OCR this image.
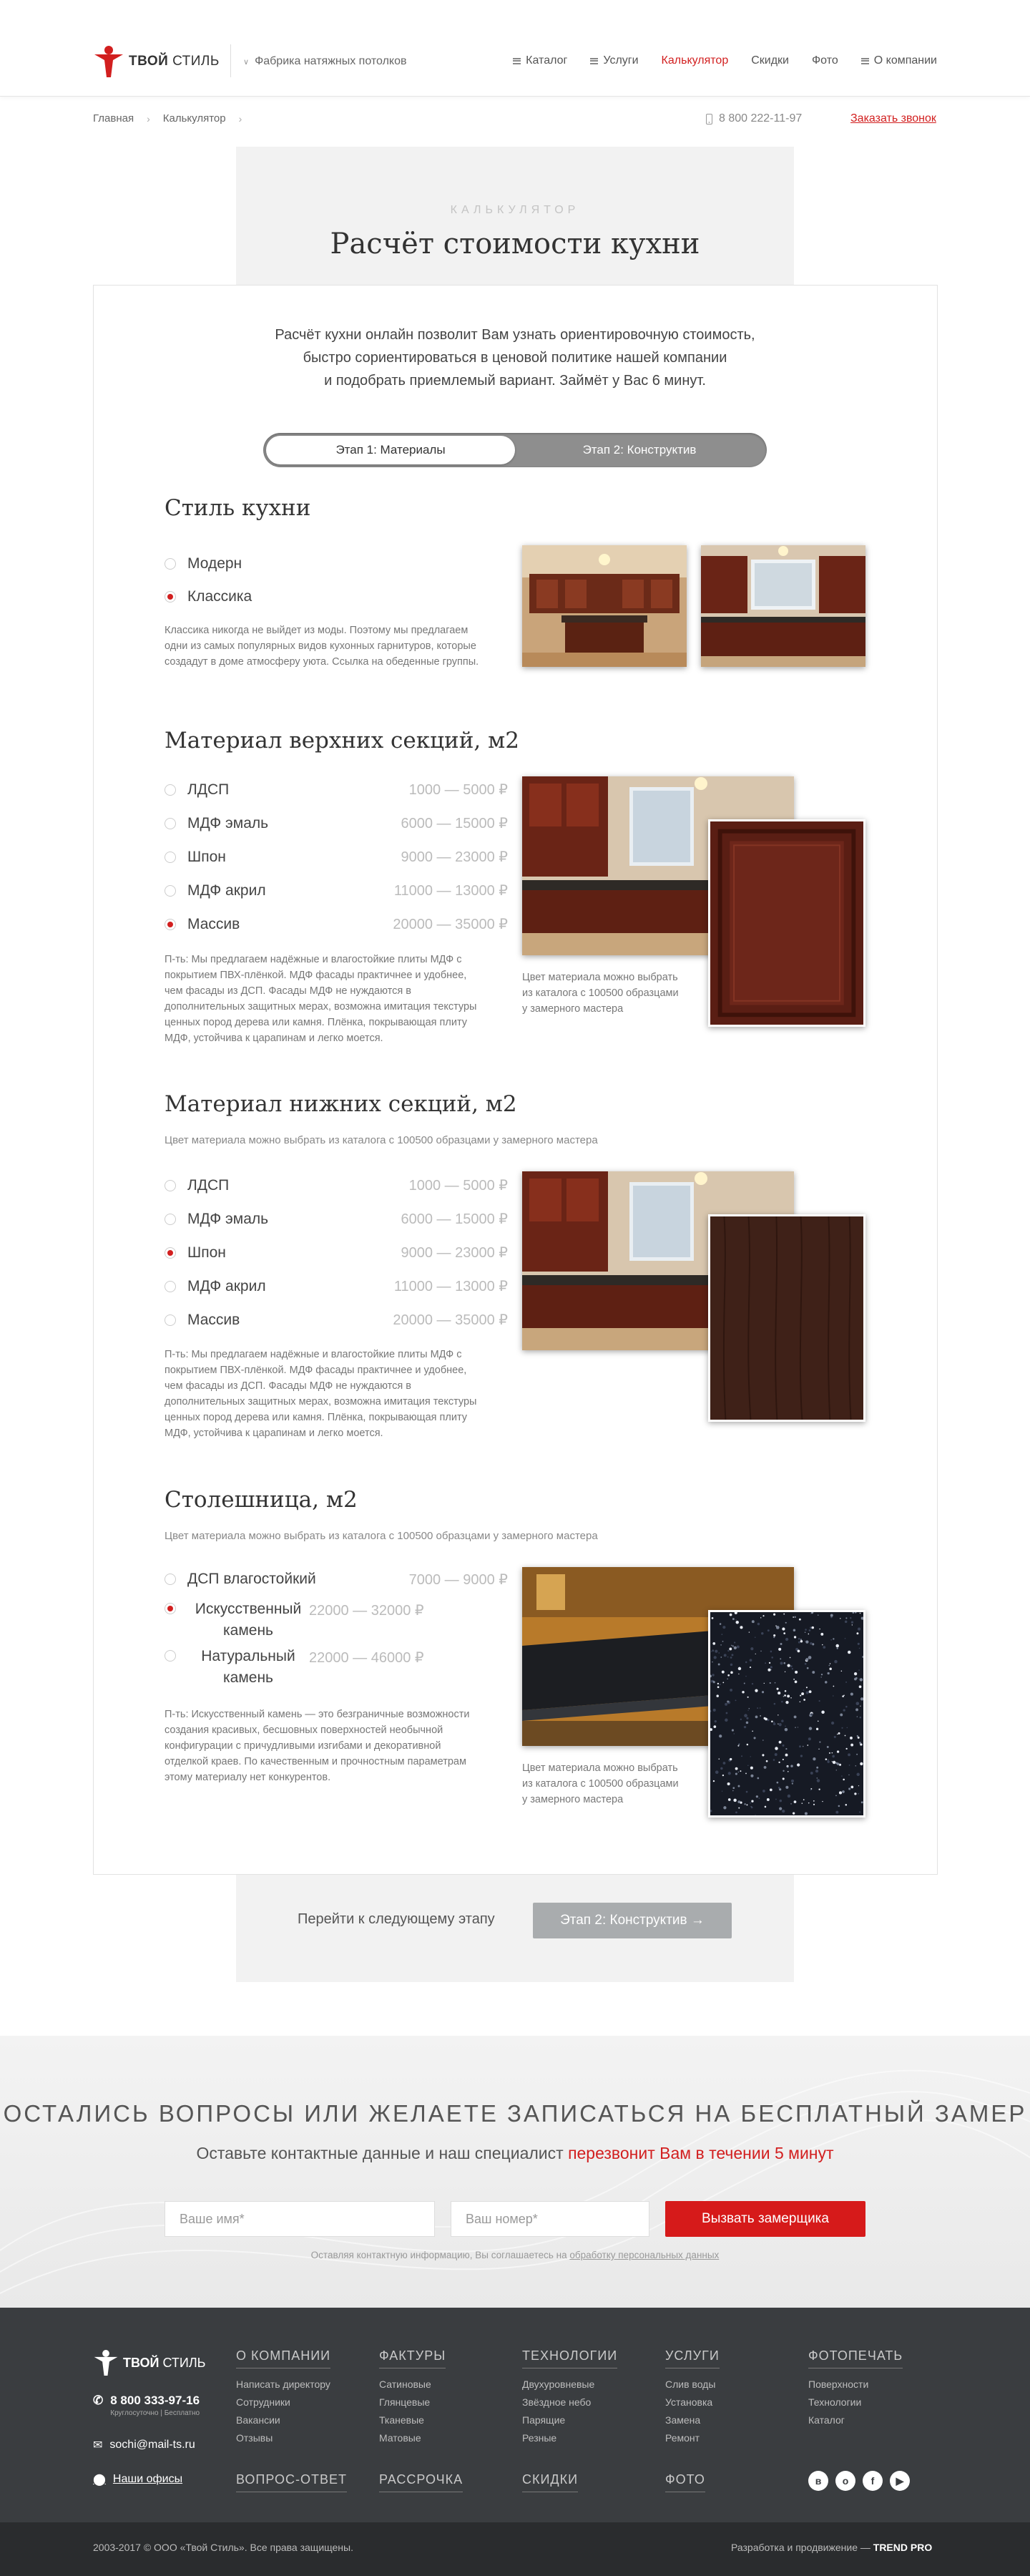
ТВОЙ СТИЛЬ	∨ Фабрика натяжных потолков	Каталог	Услуги Калькулятор Скидки Фото	О компании
Главная › Калькулятор ›	8 800 222-11-97	Заказать звонок
КАЛЬКУЛЯТОР
Расчёт стоимости кухни
Расчёт кухни онлайн позволит Вам узнать ориентировочную стоимость,
быстро сориентироваться в ценовой политике нашей компании
и подобрать приемлемый вариант. Займёт у Вас 6 минут.
Этап 1: Материалы	Этап 2: Конструктив
Стиль кухни
Модерн
Классика
Классика никогда не выйдет из моды. Поэтому мы предлагаем
одни из самых популярных видов кухонных гарнитуров, которые
создадут в доме атмосферу уюта. Ссылка на обеденные группы.
Материал верхних секций, м2
ЛДСП	1000 — 5000 ₽
МДФ эмаль	6000 — 15000 ₽
Шпон	9000 — 23000 ₽
МДФ акрил	11000 — 13000 ₽
Массив	20000 — 35000 ₽
П-ть: Мы предлагаем надёжные и влагостойкие плиты МДФ с
покрытием ПВХ-плёнкой. МДФ фасады практичнее и удобнее,
чем фасады из ДСП. Фасады МДФ не нуждаются в
дополнительных защитных мерах, возможна имитация текстуры
ценных пород дерева или камня. Плёнка, покрывающая плиту
МДФ, устойчива к царапинам и легко моется.
Цвет материала можно выбрать
из каталога с 100500 образцами
у замерного мастера
Материал нижних секций, м2
Цвет материала можно выбрать из каталога с 100500 образцами у замерного мастера
ЛДСП	1000 — 5000 ₽
МДФ эмаль	6000 — 15000 ₽
Шпон	9000 — 23000 ₽
МДФ акрил	11000 — 13000 ₽
Массив	20000 — 35000 ₽
П-ть: Мы предлагаем надёжные и влагостойкие плиты МДФ с
покрытием ПВХ-плёнкой. МДФ фасады практичнее и удобнее,
чем фасады из ДСП. Фасады МДФ не нуждаются в
дополнительных защитных мерах, возможна имитация текстуры
ценных пород дерева или камня. Плёнка, покрывающая плиту
МДФ, устойчива к царапинам и легко моется.
Столешница, м2
Цвет материала можно выбрать из каталога с 100500 образцами у замерного мастера
ДСП влагостойкий	7000 — 9000 ₽
Искусственный камень
22000 — 32000 ₽
Натуральный камень
22000 — 46000 ₽
П-ть: Искусственный камень — это безграничные возможности
создания красивых, бесшовных поверхностей необычной
конфигурации с причудливыми изгибами и декоративной
отделкой краев. По качественным и прочностным параметрам
этому материалу нет конкурентов.
Цвет материала можно выбрать
из каталога с 100500 образцами
у замерного мастера
Перейти к следующему этапу	Этап 2: Конструктив →
ОСТАЛИСЬ ВОПРОСЫ ИЛИ ЖЕЛАЕТЕ ЗАПИСАТЬСЯ НА БЕСПЛАТНЫЙ ЗАМЕР
Оставьте контактные данные и наш специалист перезвонит Вам в течении 5 минут
Ваше имя*	Ваш номер*	Вызвать замерщика
Оставляя контактную информацию, Вы соглашаетесь на обработку персональных данных
ТВОЙ СТИЛЬ
✆ 8 800 333-97-16
Круглосуточно | Бесплатно
✉ sochi@mail-ts.ru
⬤ Наши офисы
О КОМПАНИИ
Написать директору
Сотрудники
Вакансии
Отзывы
ФАКТУРЫ
Сатиновые
Глянцевые
Тканевые
Матовые
ТЕХНОЛОГИИ
Двухуровневые
Звёздное небо
Парящие
Резные
УСЛУГИ
Слив воды
Установка
Замена
Ремонт
ФОТОПЕЧАТЬ
Поверхности
Технологии
Каталог
ВОПРОС-ОТВЕТ	РАССРОЧКА	СКИДКИ	ФОТО	в	о	f	▶
2003-2017 © ООО «Твой Стиль». Все права защищены.	Разработка и продвижение — TREND PRO
